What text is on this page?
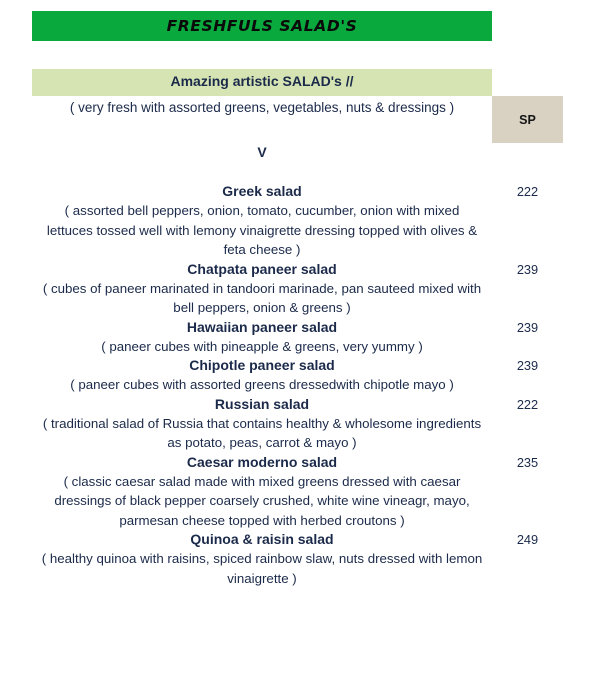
FRESHFULS SALAD'S
Amazing artistic SALAD's //
( very fresh with assorted greens, vegetables, nuts & dressings )
SP
V
Greek salad
( assorted bell peppers, onion, tomato, cucumber, onion with mixed lettuces tossed well with lemony vinaigrette dressing topped with olives & feta cheese )
222
Chatpata paneer salad
( cubes of paneer marinated in tandoori marinade, pan sauteed mixed with bell peppers, onion & greens )
239
Hawaiian paneer salad
( paneer cubes with pineapple & greens, very yummy )
239
Chipotle paneer salad
( paneer cubes with assorted greens dressedwith chipotle mayo )
239
Russian salad
( traditional salad of Russia that contains healthy & wholesome ingredients as potato, peas, carrot & mayo )
222
Caesar moderno salad
( classic caesar salad made with mixed greens dressed with caesar dressings of black pepper coarsely crushed, white wine vineagr, mayo, parmesan cheese topped with herbed croutons )
235
Quinoa & raisin salad
( healthy quinoa with raisins, spiced rainbow slaw, nuts dressed with lemon vinaigrette )
249
